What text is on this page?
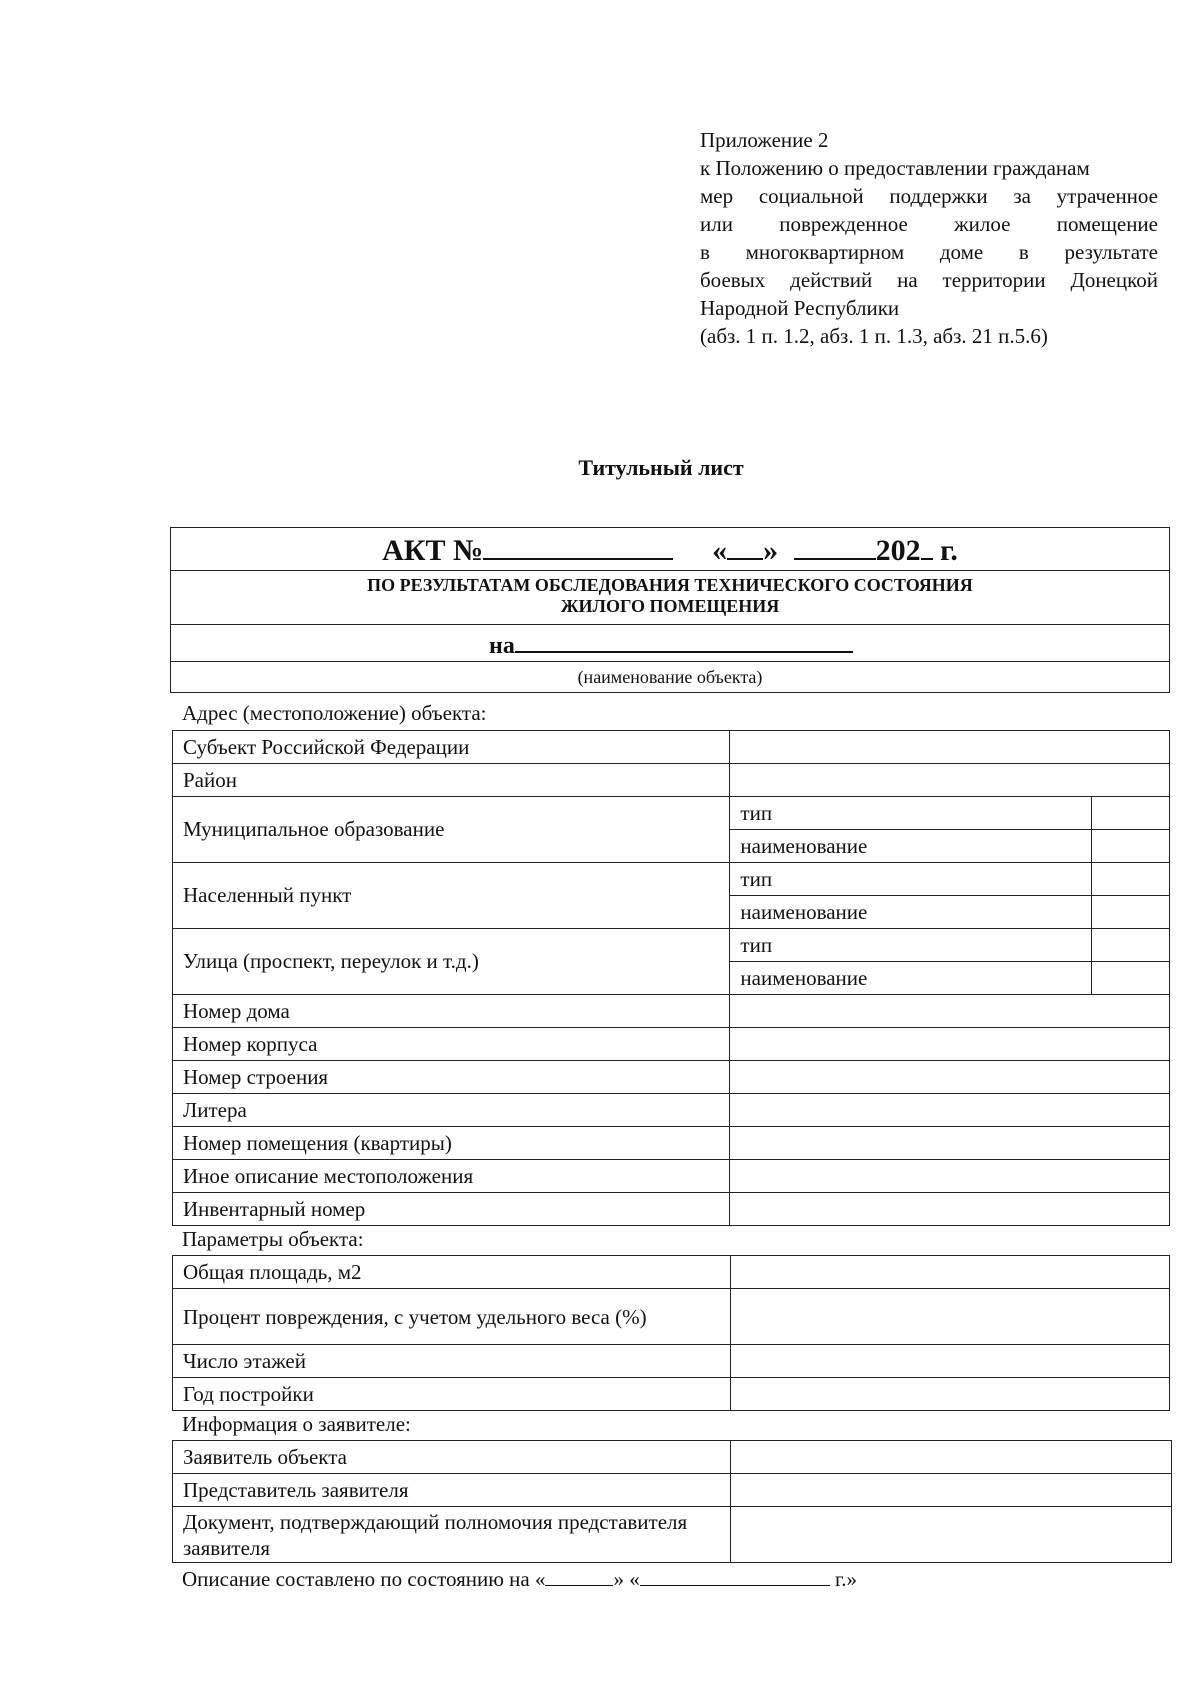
Приложение 2
к Положению о предоставлении гражданам
мер социальной поддержки за утраченное
или поврежденное жилое помещение
в многоквартирном доме в результате
боевых действий на территории Донецкой
Народной Республики
(абз. 1 п. 1.2, абз. 1 п. 1.3, абз. 21 п.5.6)
Титульный лист
АКТ №	« »	202 г.
ПО РЕЗУЛЬТАТАМ ОБСЛЕДОВАНИЯ ТЕХНИЧЕСКОГО СОСТОЯНИЯ
ЖИЛОГО ПОМЕЩЕНИЯ
на
(наименование объекта)
Адрес (местоположение) объекта:
Субъект Российской Федерации		
Район		
Муниципальное образование	тип	
	наименование	
Населенный пункт	тип	
	наименование	
Улица (проспект, переулок и т.д.)	тип	
	наименование	
Номер дома		
Номер корпуса		
Номер строения		
Литера		
Номер помещения (квартиры)		
Иное описание местоположения		
Инвентарный номер		
Параметры объекта:
Общая площадь, м2	
Процент повреждения, с учетом удельного веса (%)	
Число этажей	
Год постройки	
Информация о заявителе:
Заявитель объекта	
Представитель заявителя	
Документ, подтверждающий полномочия представителя заявителя	
Описание составлено по состоянию на «	» «	г.»
